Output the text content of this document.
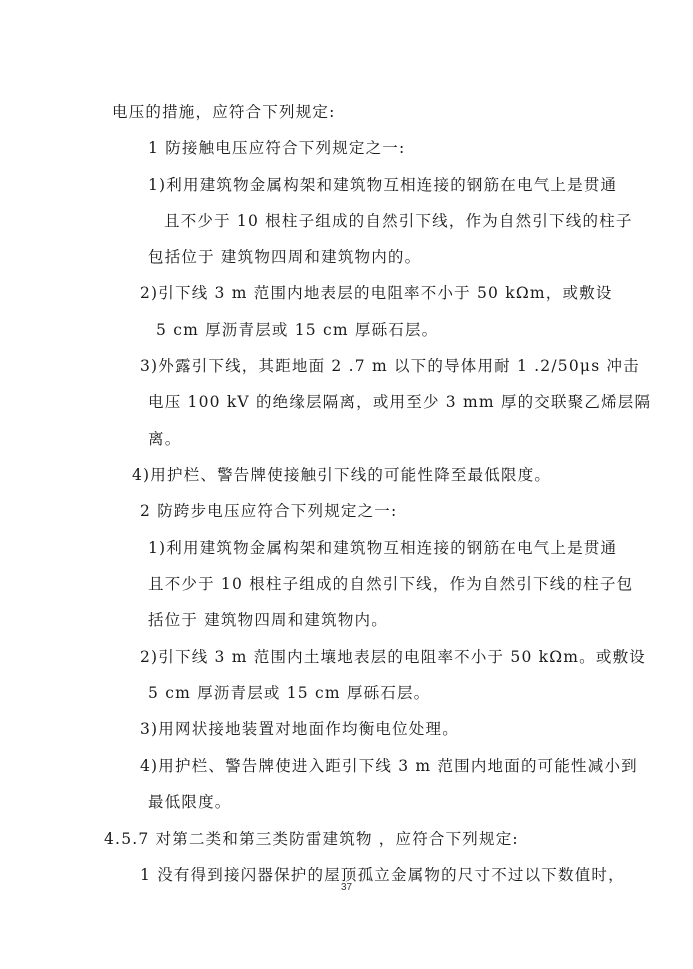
电压的措施，应符合下列规定:
1 防接触电压应符合下列规定之一:
1)利用建筑物金属构架和建筑物互相连接的钢筋在电气上是贯通
且不少于 10 根柱子组成的自然引下线，作为自然引下线的柱子
包括位于 建筑物四周和建筑物内的。
2)引下线 3 m 范围内地表层的电阻率不小于 50 kΩm，或敷设
5 cm 厚沥青层或 15 cm 厚砾石层。
3)外露引下线，其距地面 2 .7 m 以下的导体用耐 1 .2/50μs 冲击
电压 100 kV 的绝缘层隔离，或用至少 3 mm 厚的交联聚乙烯层隔
离。
4)用护栏、警告牌使接触引下线的可能性降至最低限度。
2 防跨步电压应符合下列规定之一:
1)利用建筑物金属构架和建筑物互相连接的钢筋在电气上是贯通
且不少于 10 根柱子组成的自然引下线，作为自然引下线的柱子包
括位于 建筑物四周和建筑物内。
2)引下线 3 m 范围内土壤地表层的电阻率不小于 50 kΩm。或敷设
5 cm 厚沥青层或 15 cm 厚砾石层。
3)用网状接地装置对地面作均衡电位处理。
4)用护栏、警告牌使进入距引下线 3 m 范围内地面的可能性减小到
最低限度。
4.5.7 对第二类和第三类防雷建筑物 ，应符合下列规定:
1 没有得到接闪器保护的屋顶孤立金属物的尺寸不过以下数值时，
37
